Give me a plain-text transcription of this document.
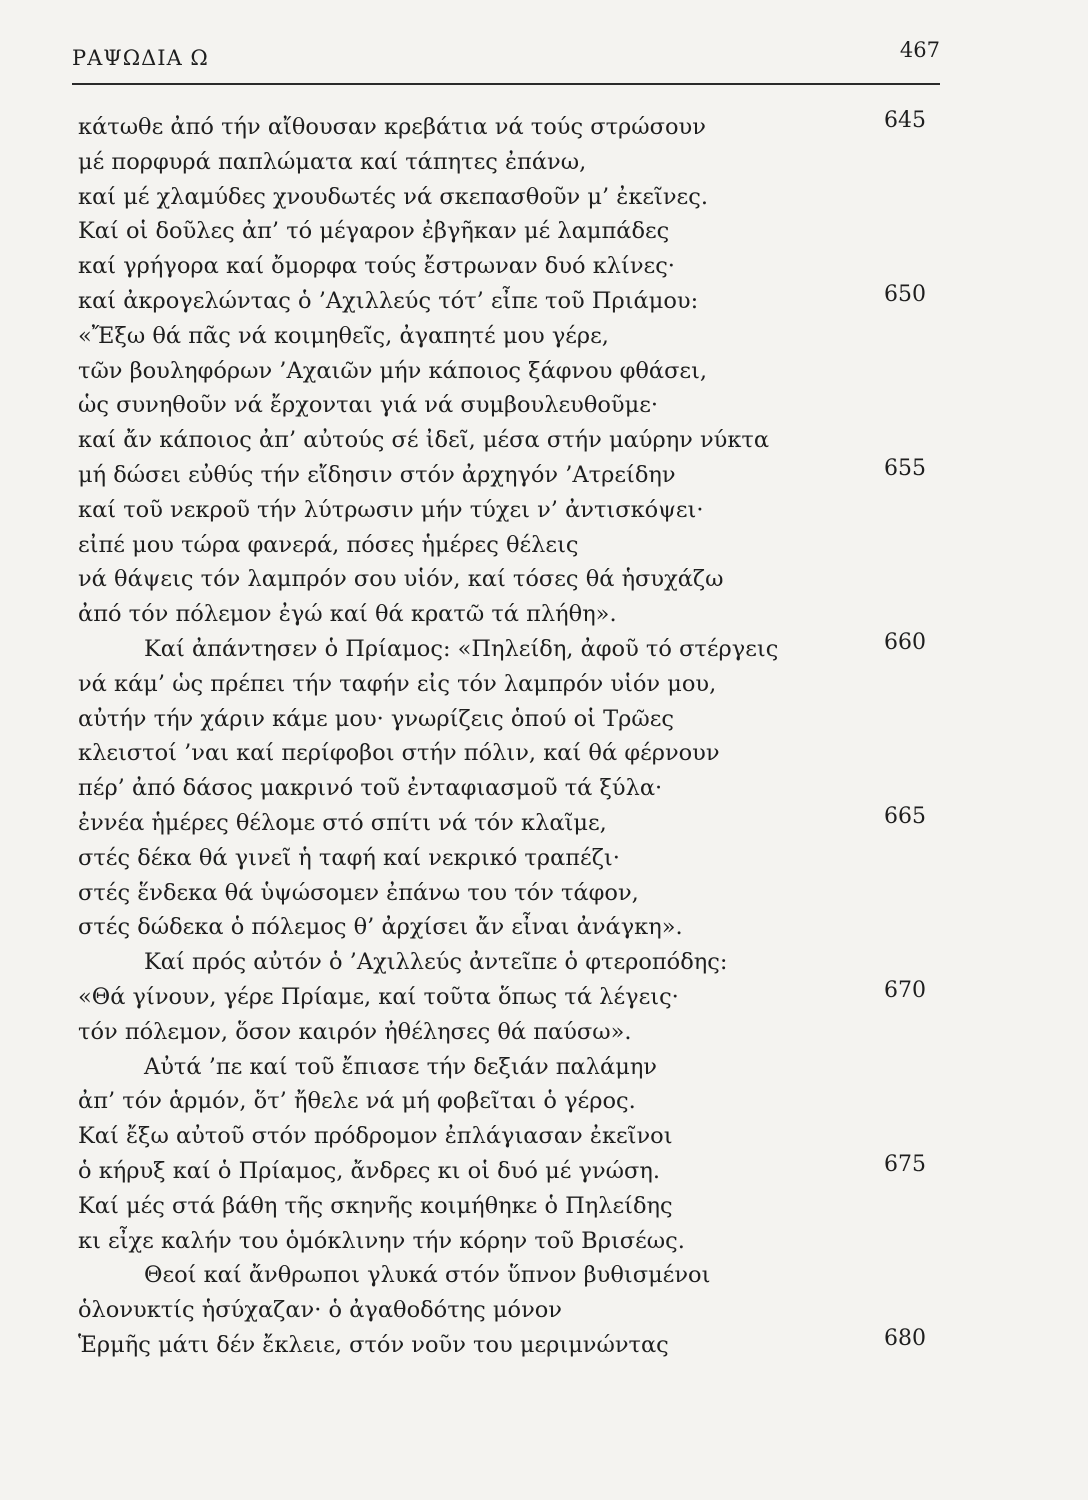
ΡΑΨΩΔΙΑ Ω	467
κάτωθε ἀπό τήν αἴθουσαν κρεβάτια νά τούς στρώσουν	645
μέ πορφυρά παπλώματα καί τάπητες ἐπάνω,
καί μέ χλαμύδες χνουδωτές νά σκεπασθοῦν μ’ ἐκεῖνες.
Καί οἱ δοῦλες ἀπ’ τό μέγαρον ἐβγῆκαν μέ λαμπάδες
καί γρήγορα καί ὄμορφα τούς ἔστρωναν δυό κλίνες·
καί ἀκρογελώντας ὁ ’Αχιλλεύς τότ’ εἶπε τοῦ Πριάμου:	650
«Ἔξω θά πᾶς νά κοιμηθεῖς, ἀγαπητέ μου γέρε,
τῶν βουληφόρων ’Αχαιῶν μήν κάποιος ξάφνου φθάσει,
ὡς συνηθοῦν νά ἔρχονται γιά νά συμβουλευθοῦμε·
καί ἄν κάποιος ἀπ’ αὐτούς σέ ἰδεῖ, μέσα στήν μαύρην νύκτα
μή δώσει εὐθύς τήν εἴδησιν στόν ἀρχηγόν ’Ατρείδην	655
καί τοῦ νεκροῦ τήν λύτρωσιν μήν τύχει ν’ ἀντισκόψει·
εἰπέ μου τώρα φανερά, πόσες ἡμέρες θέλεις
νά θάψεις τόν λαμπρόν σου υἱόν, καί τόσες θά ἡσυχάζω
ἀπό τόν πόλεμον ἐγώ καί θά κρατῶ τά πλήθη».
Καί ἀπάντησεν ὁ Πρίαμος: «Πηλείδη, ἀφοῦ τό στέργεις	660
νά κάμ’ ὡς πρέπει τήν ταφήν εἰς τόν λαμπρόν υἱόν μου,
αὐτήν τήν χάριν κάμε μου· γνωρίζεις ὁπού οἱ Τρῶες
κλειστοί ’ναι καί περίφοβοι στήν πόλιν, καί θά φέρνουν
πέρ’ ἀπό δάσος μακρινό τοῦ ἐνταφιασμοῦ τά ξύλα·
ἐννέα ἡμέρες θέλομε στό σπίτι νά τόν κλαῖμε,	665
στές δέκα θά γινεῖ ἡ ταφή καί νεκρικό τραπέζι·
στές ἕνδεκα θά ὑψώσομεν ἐπάνω του τόν τάφον,
στές δώδεκα ὁ πόλεμος θ’ ἀρχίσει ἄν εἶναι ἀνάγκη».
Καί πρός αὐτόν ὁ ’Αχιλλεύς ἀντεῖπε ὁ φτεροπόδης:
«Θά γίνουν, γέρε Πρίαμε, καί τοῦτα ὅπως τά λέγεις·	670
τόν πόλεμον, ὅσον καιρόν ἠθέλησες θά παύσω».
Αὐτά ’πε καί τοῦ ἔπιασε τήν δεξιάν παλάμην
ἀπ’ τόν ἁρμόν, ὅτ’ ἤθελε νά μή φοβεῖται ὁ γέρος.
Καί ἔξω αὐτοῦ στόν πρόδρομον ἐπλάγιασαν ἐκεῖνοι
ὁ κήρυξ καί ὁ Πρίαμος, ἄνδρες κι οἱ δυό μέ γνώση.	675
Καί μές στά βάθη τῆς σκηνῆς κοιμήθηκε ὁ Πηλείδης
κι εἶχε καλήν του ὁμόκλινην τήν κόρην τοῦ Βρισέως.
Θεοί καί ἄνθρωποι γλυκά στόν ὕπνον βυθισμένοι
ὁλονυκτίς ἡσύχαζαν· ὁ ἀγαθοδότης μόνον
Ἑρμῆς μάτι δέν ἔκλειε, στόν νοῦν του μεριμνώντας	680
